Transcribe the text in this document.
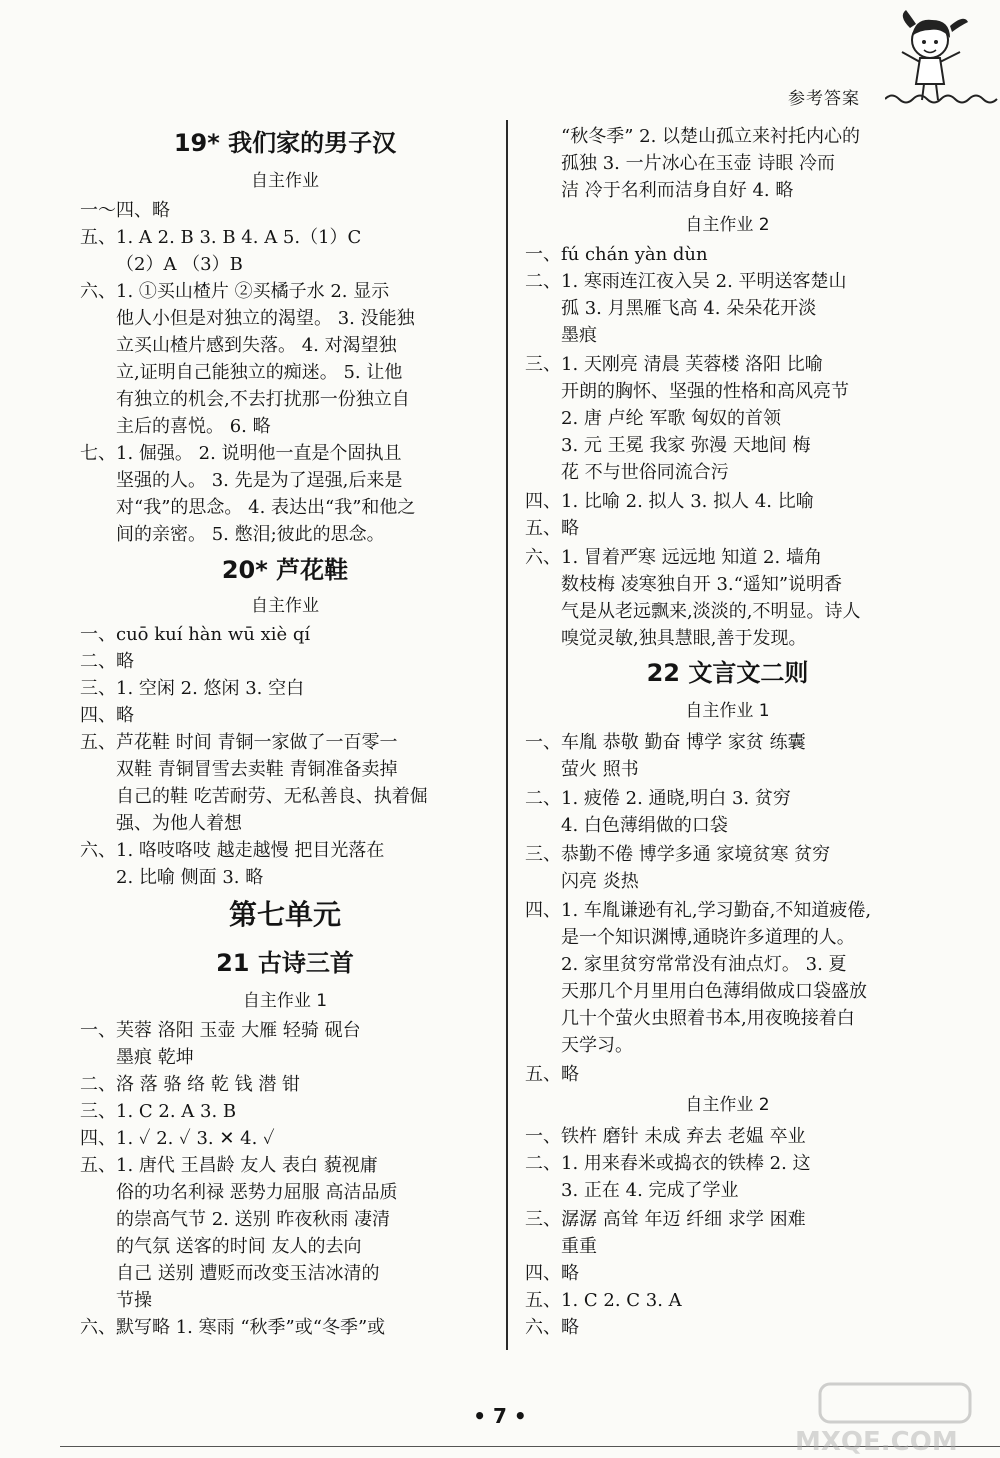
参考答案
19* 我们家的男子汉
自主作业
一～四、略
五、1. A 2. B 3. B 4. A 5.（1）C
（2）A （3）B
六、1. ①买山楂片 ②买橘子水 2. 显示
他人小但是对独立的渴望。 3. 没能独
立买山楂片感到失落。 4. 对渴望独
立,证明自己能独立的痴迷。 5. 让他
有独立的机会,不去打扰那一份独立自
主后的喜悦。 6. 略
七、1. 倔强。 2. 说明他一直是个固执且
坚强的人。 3. 先是为了逞强,后来是
对“我”的思念。 4. 表达出“我”和他之
间的亲密。 5. 憋泪;彼此的思念。
20* 芦花鞋
自主作业
一、cuō kuí hàn wū xiè qí
二、略
三、1. 空闲 2. 悠闲 3. 空白
四、略
五、芦花鞋 时间 青铜一家做了一百零一
双鞋 青铜冒雪去卖鞋 青铜准备卖掉
自己的鞋 吃苦耐劳、无私善良、执着倔
强、为他人着想
六、1. 咯吱咯吱 越走越慢 把目光落在
2. 比喻 侧面 3. 略
第七单元
21 古诗三首
自主作业 1
一、芙蓉 洛阳 玉壶 大雁 轻骑 砚台
墨痕 乾坤
二、洛 落 骆 络 乾 钱 潜 钳
三、1. C 2. A 3. B
四、1. ✓ 2. ✓ 3. ✕ 4. ✓
五、1. 唐代 王昌龄 友人 表白 藐视庸
俗的功名利禄 恶势力屈服 高洁品质
的崇高气节 2. 送别 昨夜秋雨 凄清
的气氛 送客的时间 友人的去向
自己 送别 遭贬而改变玉洁冰清的
节操
六、默写略 1. 寒雨 “秋季”或“冬季”或
“秋冬季” 2. 以楚山孤立来衬托内心的
孤独 3. 一片冰心在玉壶 诗眼 冷而
洁 冷于名利而洁身自好 4. 略
自主作业 2
一、fú chán yàn dùn
二、1. 寒雨连江夜入吴 2. 平明送客楚山
孤 3. 月黑雁飞高 4. 朵朵花开淡
墨痕
三、1. 天刚亮 清晨 芙蓉楼 洛阳 比喻
开朗的胸怀、坚强的性格和高风亮节
2. 唐 卢纶 军歌 匈奴的首领
3. 元 王冕 我家 弥漫 天地间 梅
花 不与世俗同流合污
四、1. 比喻 2. 拟人 3. 拟人 4. 比喻
五、略
六、1. 冒着严寒 远远地 知道 2. 墙角
数枝梅 凌寒独自开 3.“遥知”说明香
气是从老远飘来,淡淡的,不明显。诗人
嗅觉灵敏,独具慧眼,善于发现。
22 文言文二则
自主作业 1
一、车胤 恭敬 勤奋 博学 家贫 练囊
萤火 照书
二、1. 疲倦 2. 通晓,明白 3. 贫穷
4. 白色薄绢做的口袋
三、恭勤不倦 博学多通 家境贫寒 贫穷
闪亮 炎热
四、1. 车胤谦逊有礼,学习勤奋,不知道疲倦,
是一个知识渊博,通晓许多道理的人。
2. 家里贫穷常常没有油点灯。 3. 夏
天那几个月里用白色薄绢做成口袋盛放
几十个萤火虫照着书本,用夜晚接着白
天学习。
五、略
自主作业 2
一、铁杵 磨针 未成 弃去 老媪 卒业
二、1. 用来舂米或捣衣的铁棒 2. 这
3. 正在 4. 完成了学业
三、潺潺 高耸 年迈 纤细 求学 困难
重重
四、略
五、1. C 2. C 3. A
六、略
• 7 •
MXQE.COM
